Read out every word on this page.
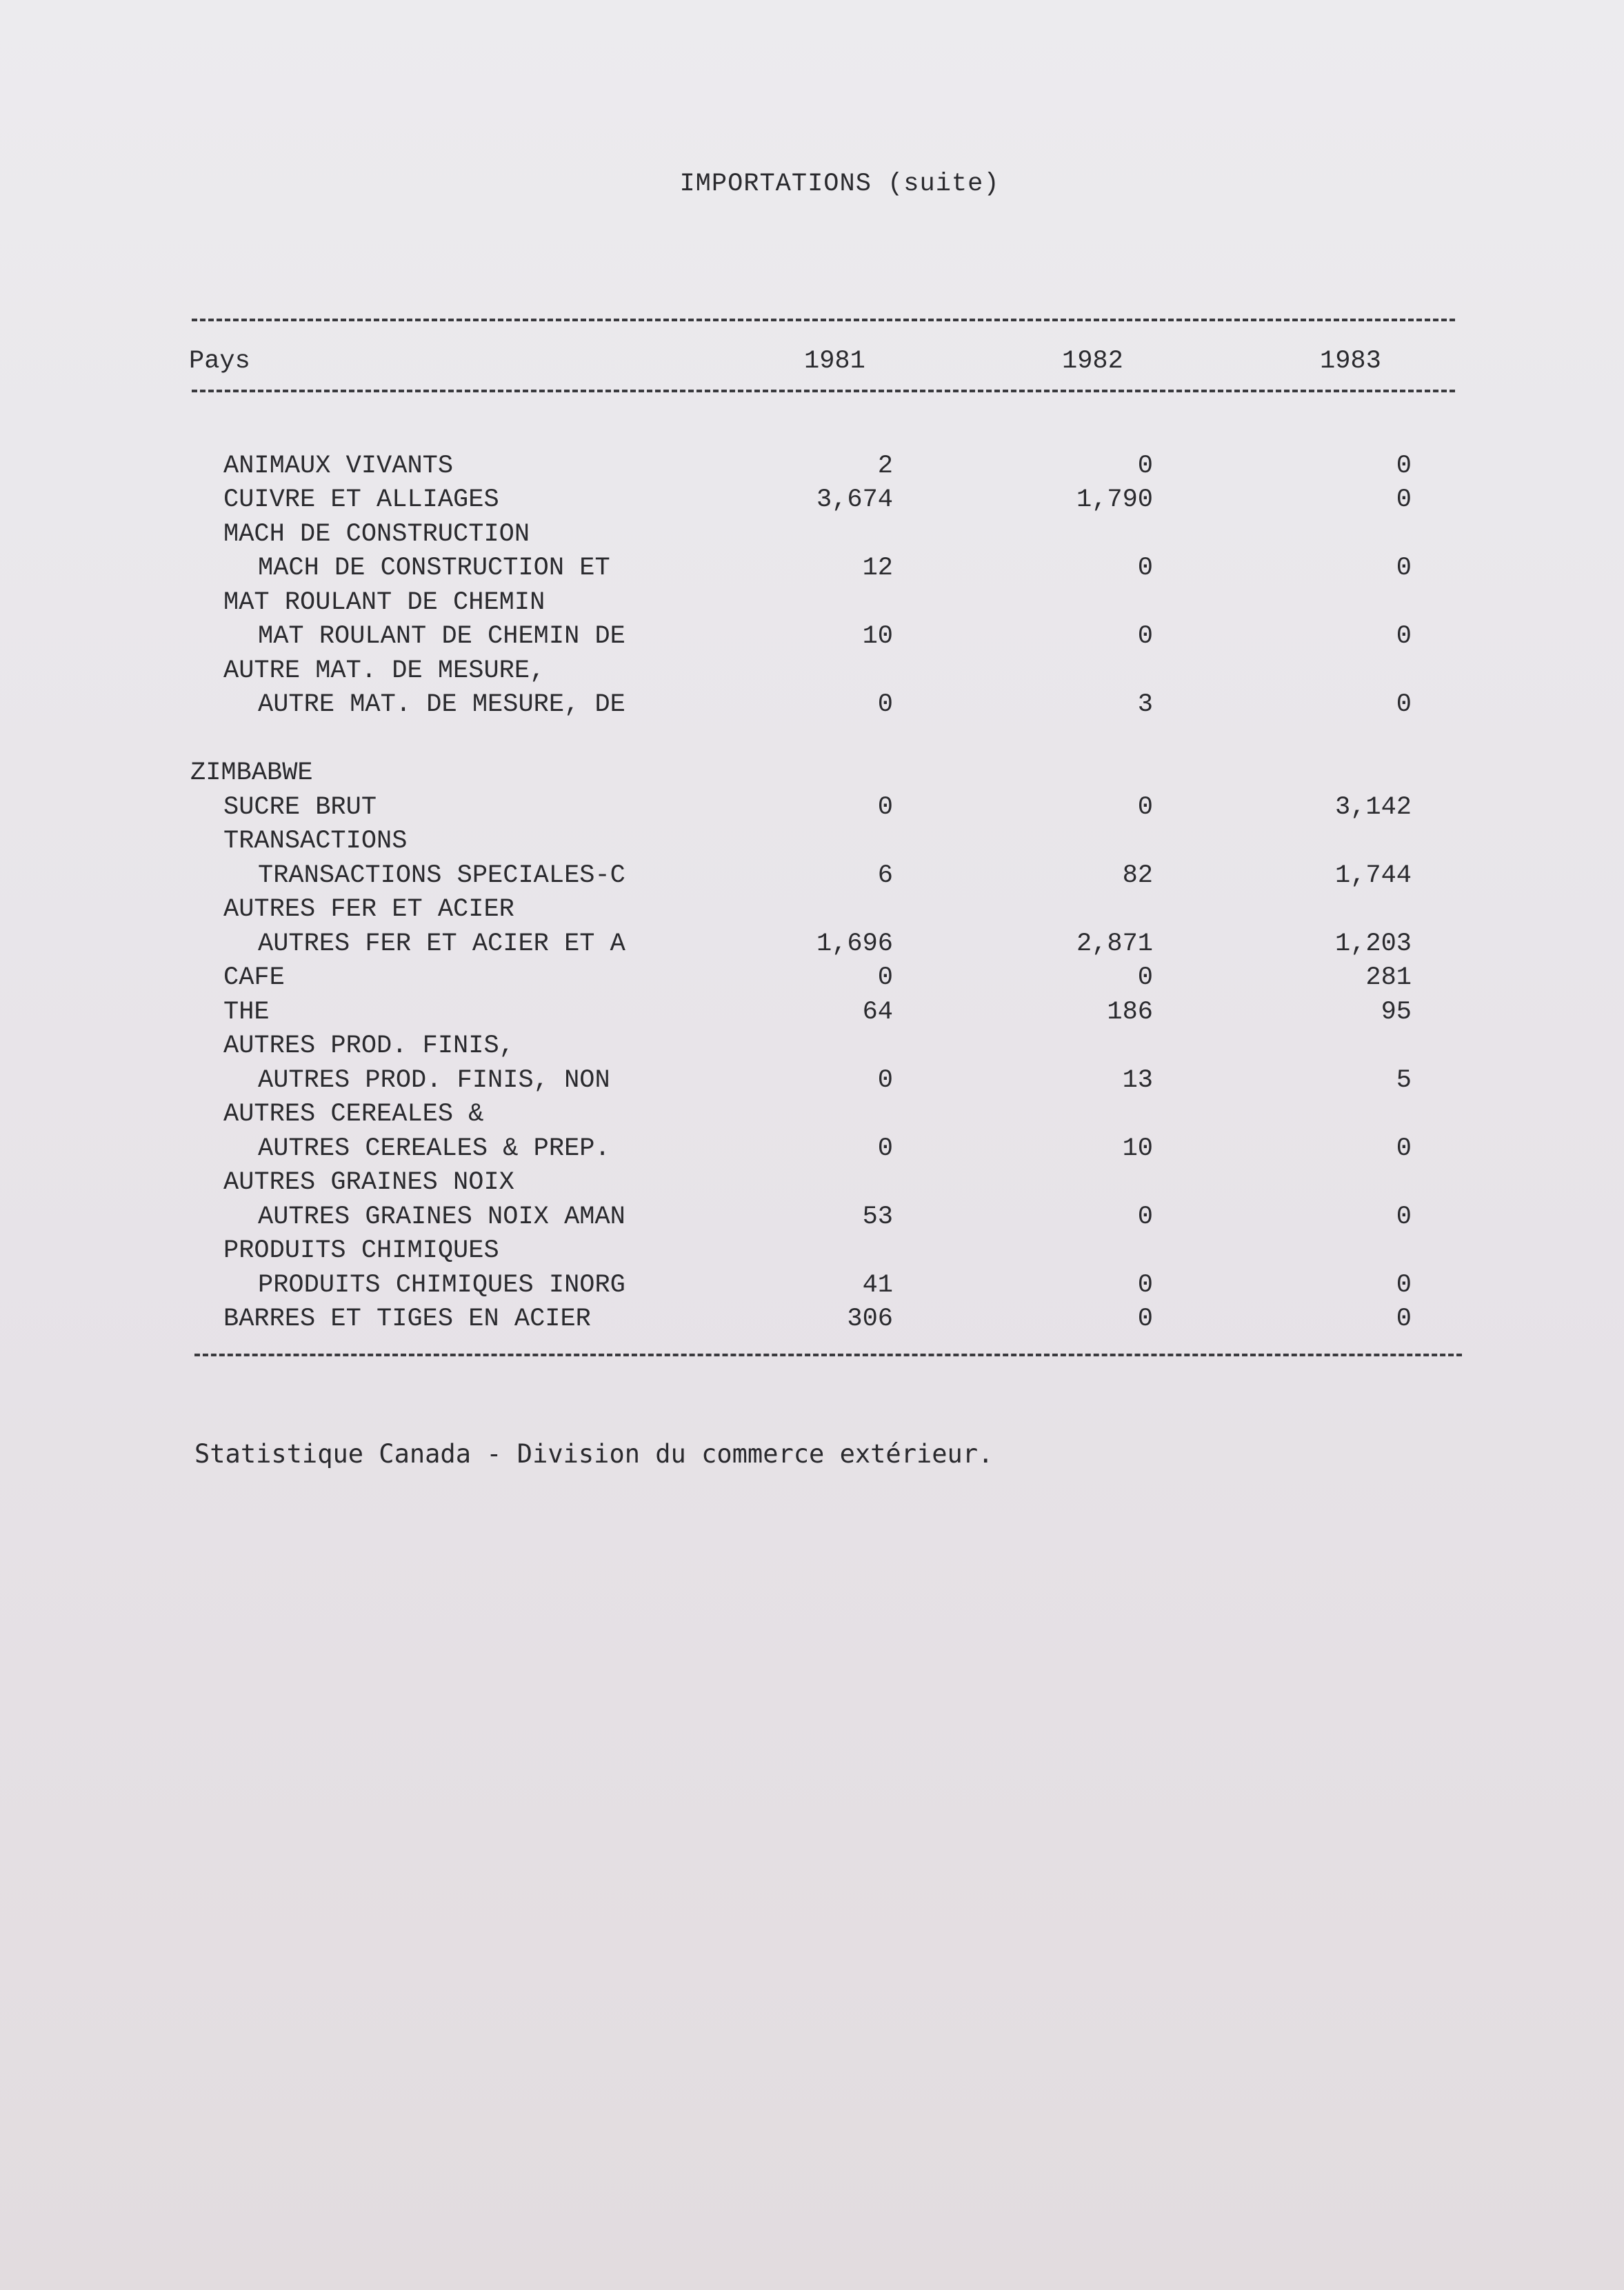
IMPORTATIONS (suite)
Pays	1981	1982	1983
ANIMAUX VIVANTS	2	0	0
CUIVRE ET ALLIAGES	3,674	1,790	0
MACH DE CONSTRUCTION
MACH DE CONSTRUCTION ET	12	0	0
MAT ROULANT DE CHEMIN
MAT ROULANT DE CHEMIN DE	10	0	0
AUTRE MAT. DE MESURE,
AUTRE MAT. DE MESURE, DE	0	3	0
ZIMBABWE
SUCRE BRUT	0	0	3,142
TRANSACTIONS
TRANSACTIONS SPECIALES-C	6	82	1,744
AUTRES FER ET ACIER
AUTRES FER ET ACIER ET A	1,696	2,871	1,203
CAFE	0	0	281
THE	64	186	95
AUTRES PROD. FINIS,
AUTRES PROD. FINIS, NON	0	13	5
AUTRES CEREALES &
AUTRES CEREALES & PREP.	0	10	0
AUTRES GRAINES NOIX
AUTRES GRAINES NOIX AMAN	53	0	0
PRODUITS CHIMIQUES
PRODUITS CHIMIQUES INORG	41	0	0
BARRES ET TIGES EN ACIER	306	0	0
Statistique Canada - Division du commerce extérieur.
